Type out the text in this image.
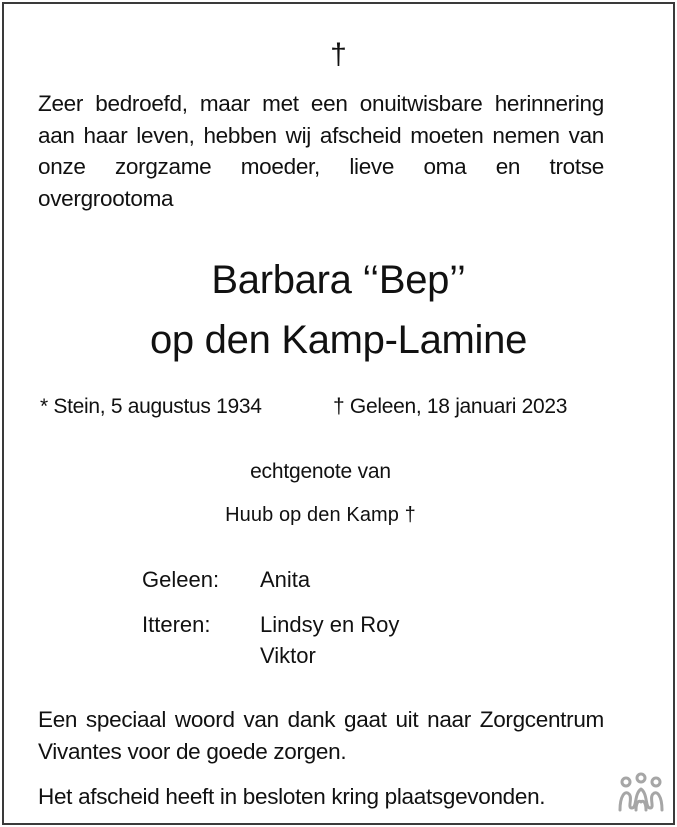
†
Zeer bedroefd, maar met een onuitwisbare herinnering aan haar leven, hebben wij afscheid moeten nemen van onze zorgzame moeder, lieve oma en trotse overgrootoma
Barbara ‘‘Bep’’
op den Kamp-Lamine
* Stein, 5 augustus 1934	† Geleen, 18 januari 2023
echtgenote van
Huub op den Kamp †
Geleen:	Anita
Itteren:	Lindsy en Roy
Viktor
Een speciaal woord van dank gaat uit naar Zorgcentrum Vivantes voor de goede zorgen.
Het afscheid heeft in besloten kring plaatsgevonden.
